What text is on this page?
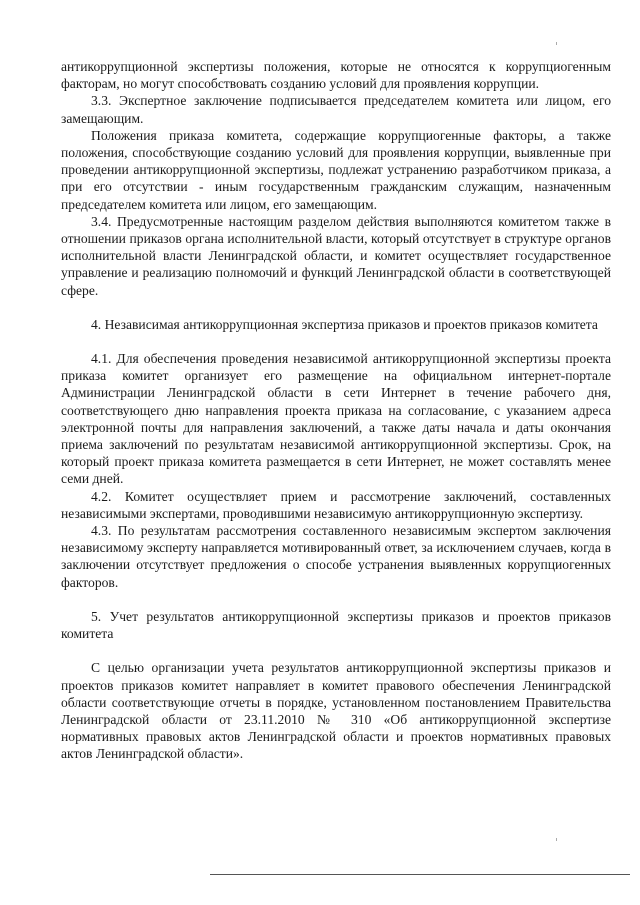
антикоррупционной экспертизы положения, которые не относятся к коррупциогенным факторам, но могут способствовать созданию условий для проявления коррупции.

3.3. Экспертное заключение подписывается председателем комитета или лицом, его замещающим.

Положения приказа комитета, содержащие коррупциогенные факторы, а также положения, способствующие созданию условий для проявления коррупции, выявленные при проведении антикоррупционной экспертизы, подлежат устранению разработчиком приказа, а при его отсутствии - иным государственным гражданским служащим, назначенным председателем комитета или лицом, его замещающим.

3.4. Предусмотренные настоящим разделом действия выполняются комитетом также в отношении приказов органа исполнительной власти, который отсутствует в структуре органов исполнительной власти Ленинградской области, и комитет осуществляет государственное управление и реализацию полномочий и функций Ленинградской области в соответствующей сфере.

4. Независимая антикоррупционная экспертиза приказов и проектов приказов комитета

4.1. Для обеспечения проведения независимой антикоррупционной экспертизы проекта приказа комитет организует его размещение на официальном интернет-портале Администрации Ленинградской области в сети Интернет в течение рабочего дня, соответствующего дню направления проекта приказа на согласование, с указанием адреса электронной почты для направления заключений, а также даты начала и даты окончания приема заключений по результатам независимой антикоррупционной экспертизы. Срок, на который проект приказа комитета размещается в сети Интернет, не может составлять менее семи дней.

4.2. Комитет осуществляет прием и рассмотрение заключений, составленных независимыми экспертами, проводившими независимую антикоррупционную экспертизу.

4.3. По результатам рассмотрения составленного независимым экспертом заключения независимому эксперту направляется мотивированный ответ, за исключением случаев, когда в заключении отсутствует предложения о способе устранения выявленных коррупциогенных факторов.

5. Учет результатов антикоррупционной экспертизы приказов и проектов приказов комитета

С целью организации учета результатов антикоррупционной экспертизы приказов и проектов приказов комитет направляет в комитет правового обеспечения Ленинградской области соответствующие отчеты в порядке, установленном постановлением Правительства Ленинградской области от 23.11.2010 № 310 «Об антикоррупционной экспертизе нормативных правовых актов Ленинградской области и проектов нормативных правовых актов Ленинградской области».
